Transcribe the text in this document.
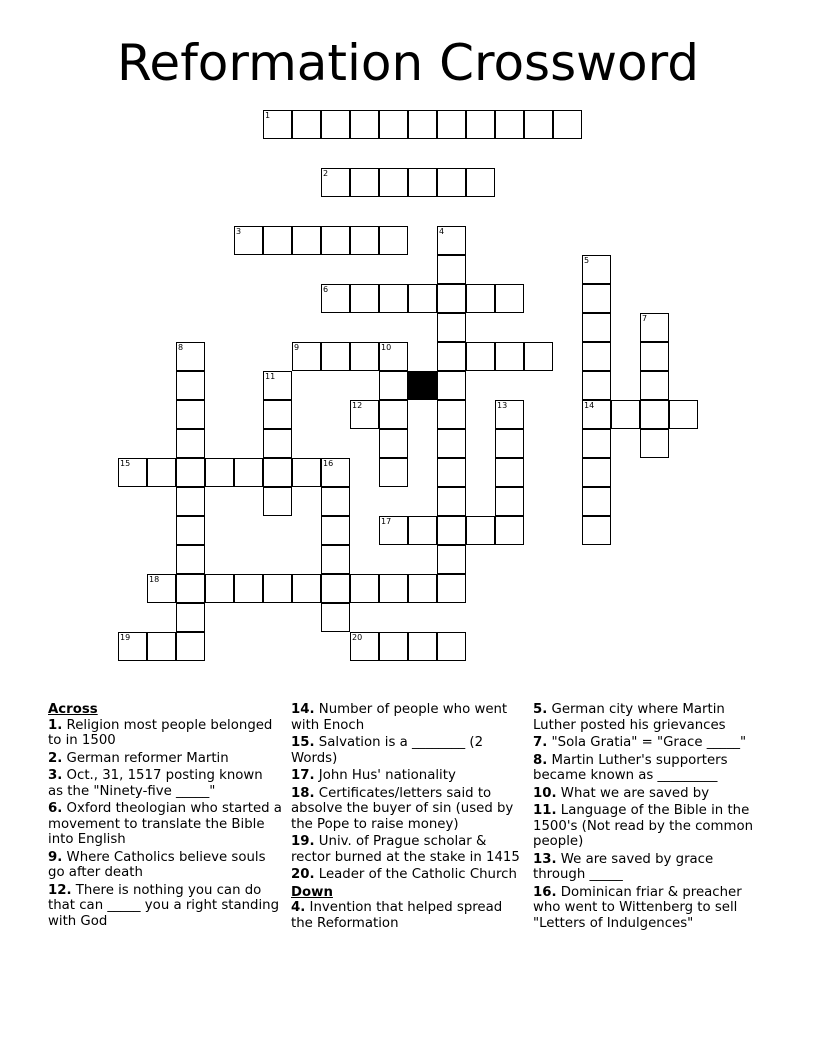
Reformation Crossword
1
2
3	4
5
6
7
8	9	10
11
12	13	14
15	16
17
18
19	20
Across
1. Religion most people belonged to in 1500
2. German reformer Martin
3. Oct., 31, 1517 posting known as the "Ninety-five _____"
6. Oxford theologian who started a movement to translate the Bible into English
9. Where Catholics believe souls go after death
12. There is nothing you can do that can _____ you a right standing with God
14. Number of people who went with Enoch
15. Salvation is a ________ (2 Words)
17. John Hus' nationality
18. Certificates/letters said to absolve the buyer of sin (used by the Pope to raise money)
19. Univ. of Prague scholar & rector burned at the stake in 1415
20. Leader of the Catholic Church
Down
4. Invention that helped spread the Reformation
5. German city where Martin Luther posted his grievances
7. "Sola Gratia" = "Grace _____"
8. Martin Luther's supporters became known as _________
10. What we are saved by
11. Language of the Bible in the 1500's (Not read by the common people)
13. We are saved by grace through _____
16. Dominican friar & preacher who went to Wittenberg to sell "Letters of Indulgences"
